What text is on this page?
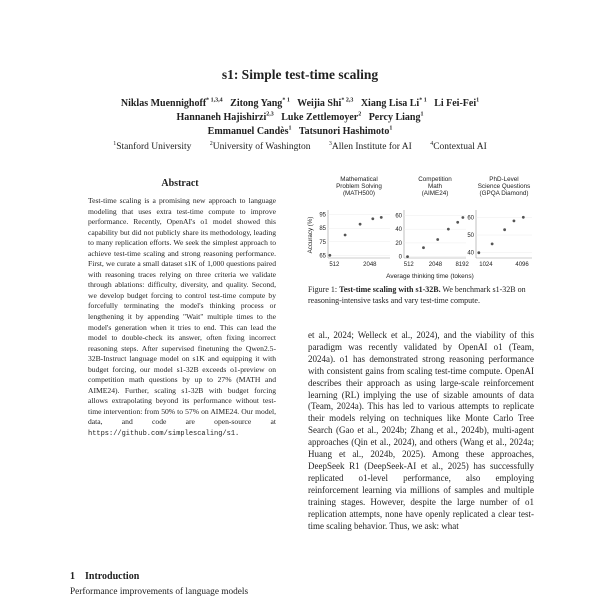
s1: Simple test-time scaling
Niklas Muennighoff$^{* 1,3,4}$ Zitong Yang$^{* 1}$ Weijia Shi$^{* 2,3}$ Xiang Lisa Li$^{* 1}$ Li Fei-Fei$^1$
Hannaneh Hajishirzi$^{2,3}$ Luke Zettlemoyer$^2$ Percy Liang$^1$
Emmanuel Candès$^1$ Tatsunori Hashimoto$^1$
$^1$Stanford University	$^2$University of Washington	$^3$Allen Institute for AI	$^4$Contextual AI
Abstract
Test-time scaling is a promising new approach to language modeling that uses extra test-time compute to improve performance. Recently, OpenAI's o1 model showed this capability but did not publicly share its methodology, leading to many replication efforts. We seek the simplest approach to achieve test-time scaling and strong reasoning performance. First, we curate a small dataset s1K of 1,000 questions paired with reasoning traces relying on three criteria we validate through ablations: difficulty, diversity, and quality. Second, we develop budget forcing to control test-time compute by forcefully terminating the model's thinking process or lengthening it by appending "Wait" multiple times to the model's generation when it tries to end. This can lead the model to double-check its answer, often fixing incorrect reasoning steps. After supervised finetuning the Qwen2.5-32B-Instruct language model on s1K and equipping it with budget forcing, our model s1-32B exceeds o1-preview on competition math questions by up to 27% (MATH and AIME24). Further, scaling s1-32B with budget forcing allows extrapolating beyond its performance without test-time intervention: from 50% to 57% on AIME24. Our model, data, and code are open-source at https://github.com/simplescaling/s1.
1 Introduction
Performance improvements of language models
Mathematical Problem Solving (MATH500)
65
75
85
95
512	2048
Accuracy (%)
Competition Math (AIME24)
0
20
40
60
512	2048 8192
PhD-Level Science Questions (GPQA Diamond)
40
50
60
1024	4096
Average thinking time (tokens)
Figure 1: Test-time scaling with s1-32B. We benchmark s1-32B on reasoning-intensive tasks and vary test-time compute.
et al., 2024; Welleck et al., 2024), and the viability of this paradigm was recently validated by OpenAI o1 (Team, 2024a). o1 has demonstrated strong reasoning performance with consistent gains from scaling test-time compute. OpenAI describes their approach as using large-scale reinforcement learning (RL) implying the use of sizable amounts of data (Team, 2024a). This has led to various attempts to replicate their models relying on techniques like Monte Carlo Tree Search (Gao et al., 2024b; Zhang et al., 2024b), multi-agent approaches (Qin et al., 2024), and others (Wang et al., 2024a; Huang et al., 2024b, 2025). Among these approaches, DeepSeek R1 (DeepSeek-AI et al., 2025) has successfully replicated o1-level performance, also employing reinforcement learning via millions of samples and multiple training stages. However, despite the large number of o1 replication attempts, none have openly replicated a clear test-time scaling behavior. Thus, we ask: what
